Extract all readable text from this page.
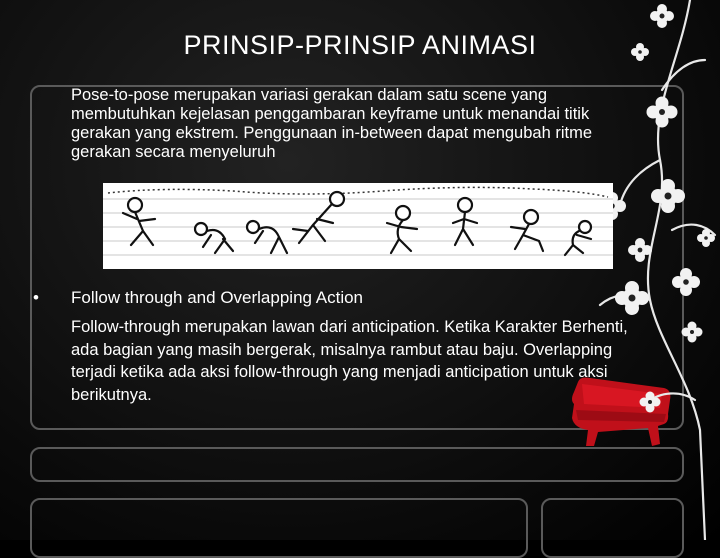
PRINSIP-PRINSIP ANIMASI
Pose-to-pose merupakan variasi gerakan dalam satu scene yang membutuhkan kejelasan penggambaran keyframe untuk menandai titik gerakan yang ekstrem. Penggunaan in-between dapat mengubah ritme gerakan secara menyeluruh
• Follow through and Overlapping Action
Follow-through merupakan lawan dari anticipation. Ketika Karakter Berhenti, ada bagian yang masih bergerak, misalnya rambut atau baju. Overlapping terjadi ketika ada aksi follow-through yang menjadi anticipation untuk aksi berikutnya.
